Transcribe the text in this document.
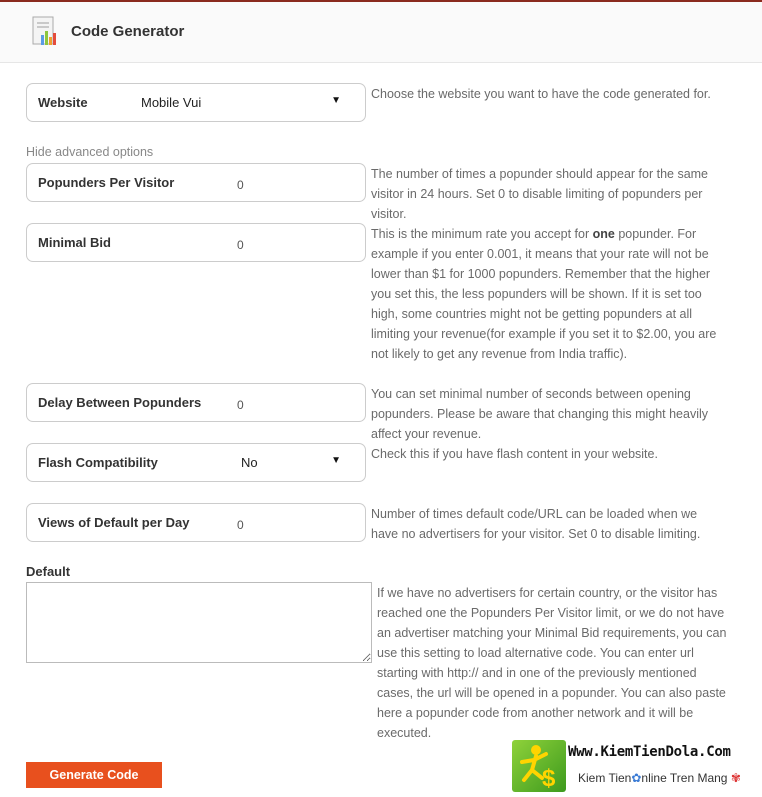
Code Generator
Website	Mobile Vui	▼ Choose the website you want to have the code generated for.
Hide advanced options
Popunders Per Visitor	0
The number of times a popunder should appear for the same visitor in 24 hours. Set 0 to disable limiting of popunders per visitor.
Minimal Bid	0
This is the minimum rate you accept for one popunder. For example if you enter 0.001, it means that your rate will not be lower than $1 for 1000 popunders. Remember that the higher you set this, the less popunders will be shown. If it is set too high, some countries might not be getting popunders at all limiting your revenue(for example if you set it to $2.00, you are not likely to get any revenue from India traffic).
Delay Between Popunders	0
You can set minimal number of seconds between opening popunders. Please be aware that changing this might heavily affect your revenue.
Flash Compatibility	No	▼ Check this if you have flash content in your website.
Views of Default per Day	0
Number of times default code/URL can be loaded when we have no advertisers for your visitor. Set 0 to disable limiting.
Default
If we have no advertisers for certain country, or the visitor has reached one the Popunders Per Visitor limit, or we do not have an advertiser matching your Minimal Bid requirements, you can use this setting to load alternative code. You can enter url starting with http:// and in one of the previously mentioned cases, the url will be opened in a popunder. You can also paste here a popunder code from another network and it will be executed.
Generate Code	$
Www.KiemTienDola.Com
Kiem Tien✿nline Tren Mang ✾
